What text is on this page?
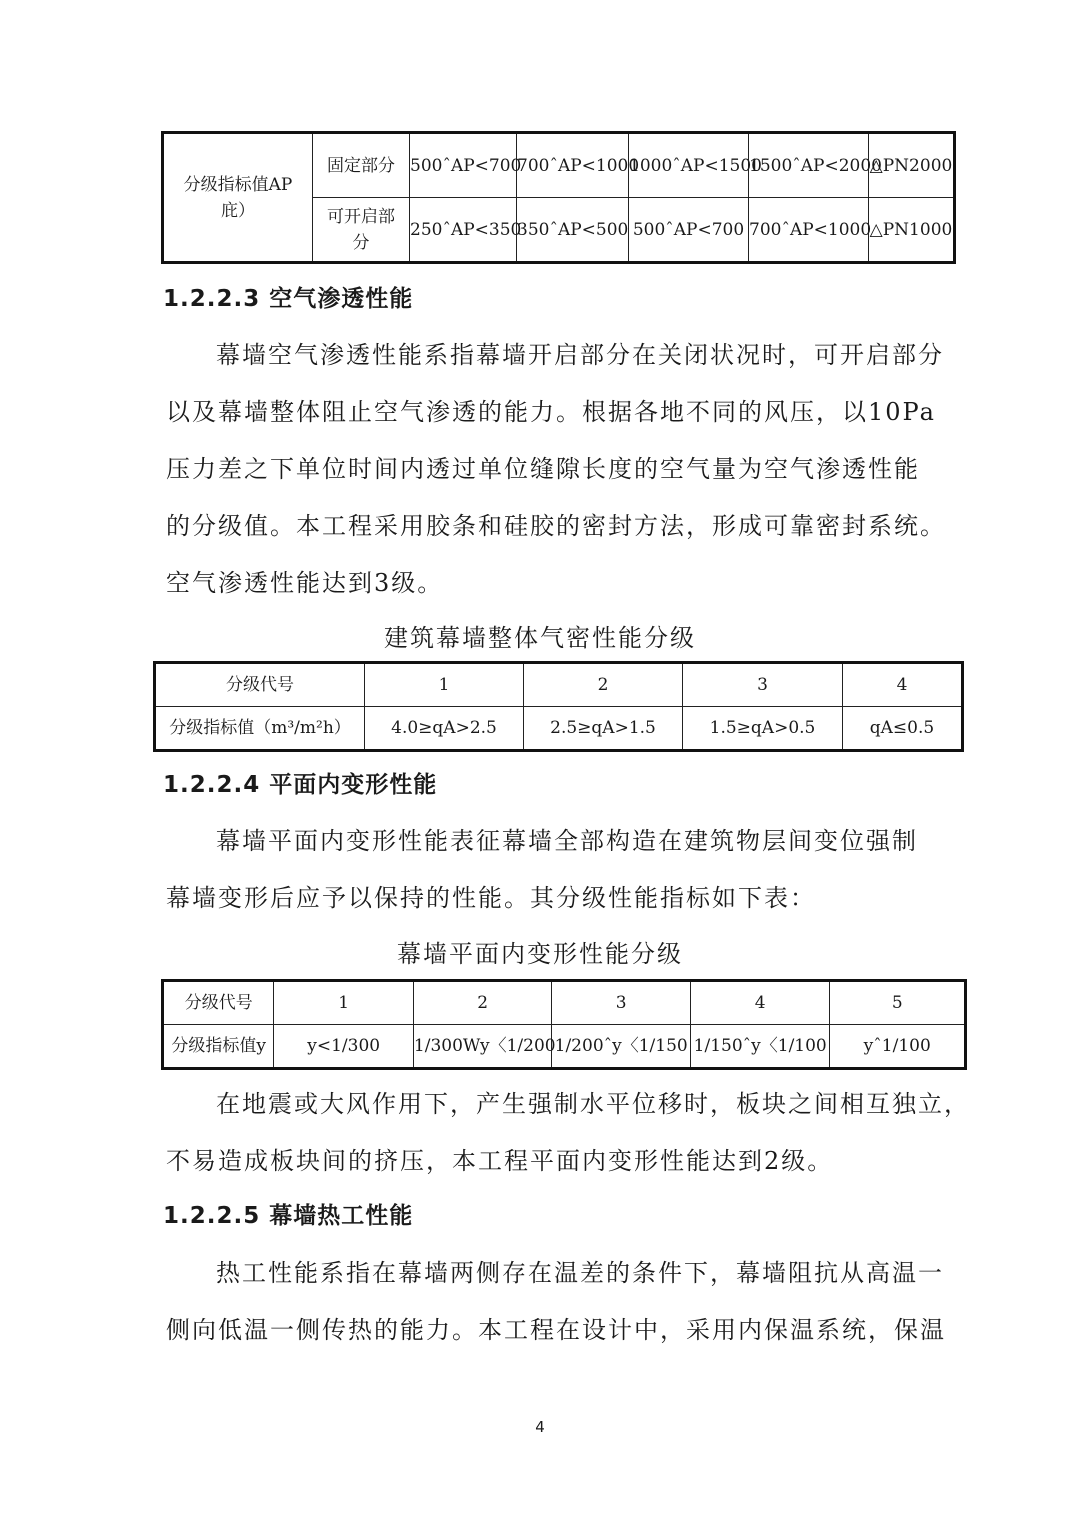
分级指标值AP庇）	固定部分	500ˆAP<700	700ˆAP<1000	1000ˆAP<1500	1500ˆAP<2000	△PN2000
	可开启部分	250ˆAP<350	350ˆAP<500	500ˆAP<700	700ˆAP<1000	△PN1000
1.2.2.3 空气渗透性能
幕墙空气渗透性能系指幕墙开启部分在关闭状况时，可开启部分
以及幕墙整体阻止空气渗透的能力。根据各地不同的风压，以10Pa
压力差之下单位时间内透过单位缝隙长度的空气量为空气渗透性能
的分级值。本工程采用胶条和硅胶的密封方法，形成可靠密封系统。
空气渗透性能达到3级。
建筑幕墙整体气密性能分级
分级代号	1	2	3	4
分级指标值（m³/m²h）	4.0≥qA>2.5	2.5≥qA>1.5	1.5≥qA>0.5	qA≤0.5
1.2.2.4 平面内变形性能
幕墙平面内变形性能表征幕墙全部构造在建筑物层间变位强制
幕墙变形后应予以保持的性能。其分级性能指标如下表：
幕墙平面内变形性能分级
分级代号	1	2	3	4	5
分级指标值y	y<1/300	1/300Wy〈1/200	1/200ˆy〈1/150	1/150ˆy〈1/100	yˆ1/100
在地震或大风作用下，产生强制水平位移时，板块之间相互独立，
不易造成板块间的挤压，本工程平面内变形性能达到2级。
1.2.2.5 幕墙热工性能
热工性能系指在幕墙两侧存在温差的条件下，幕墙阻抗从高温一
侧向低温一侧传热的能力。本工程在设计中，采用内保温系统，保温
4
